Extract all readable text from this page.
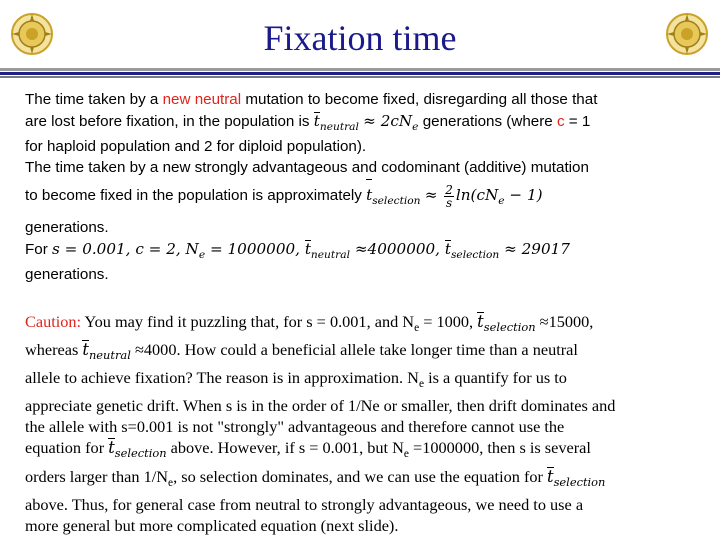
Fixation time
The time taken by a new neutral mutation to become fixed, disregarding all those that
are lost before fixation, in the population is $t_{neutral} \approx 2cN_e$ generations (where c = 1
for haploid population and 2 for diploid population).
The time taken by a new strongly advantageous and codominant (additive) mutation
to become fixed in the population is approximately $t_{selection} \approx \frac{2}{s} \ln(cN_e - 1)$
generations.
For s = 0.001, c = 2, $N_e = 1000000$, $t_{neutral} \approx 4000000$, $t_{selection} \approx 29017$
generations.
Caution: You may find it puzzling that, for s = 0.001, and $N_e = 1000$, $t_{selection} \approx 15000$,
whereas $t_{neutral} \approx 4000$. How could a beneficial allele take longer time than a neutral
allele to achieve fixation? The reason is in approximation. $N_e$ is a quantify for us to
appreciate genetic drift. When s is in the order of 1/Ne or smaller, then drift dominates and
the allele with s=0.001 is not "strongly" advantageous and therefore cannot use the
equation for $t_{selection}$ above. However, if s = 0.001, but $N_e =1000000$, then s is several
orders larger than $1/N_e$, so selection dominates, and we can use the equation for $t_{selection}$
above. Thus, for general case from neutral to strongly advantageous, we need to use a
more general but more complicated equation (next slide).
